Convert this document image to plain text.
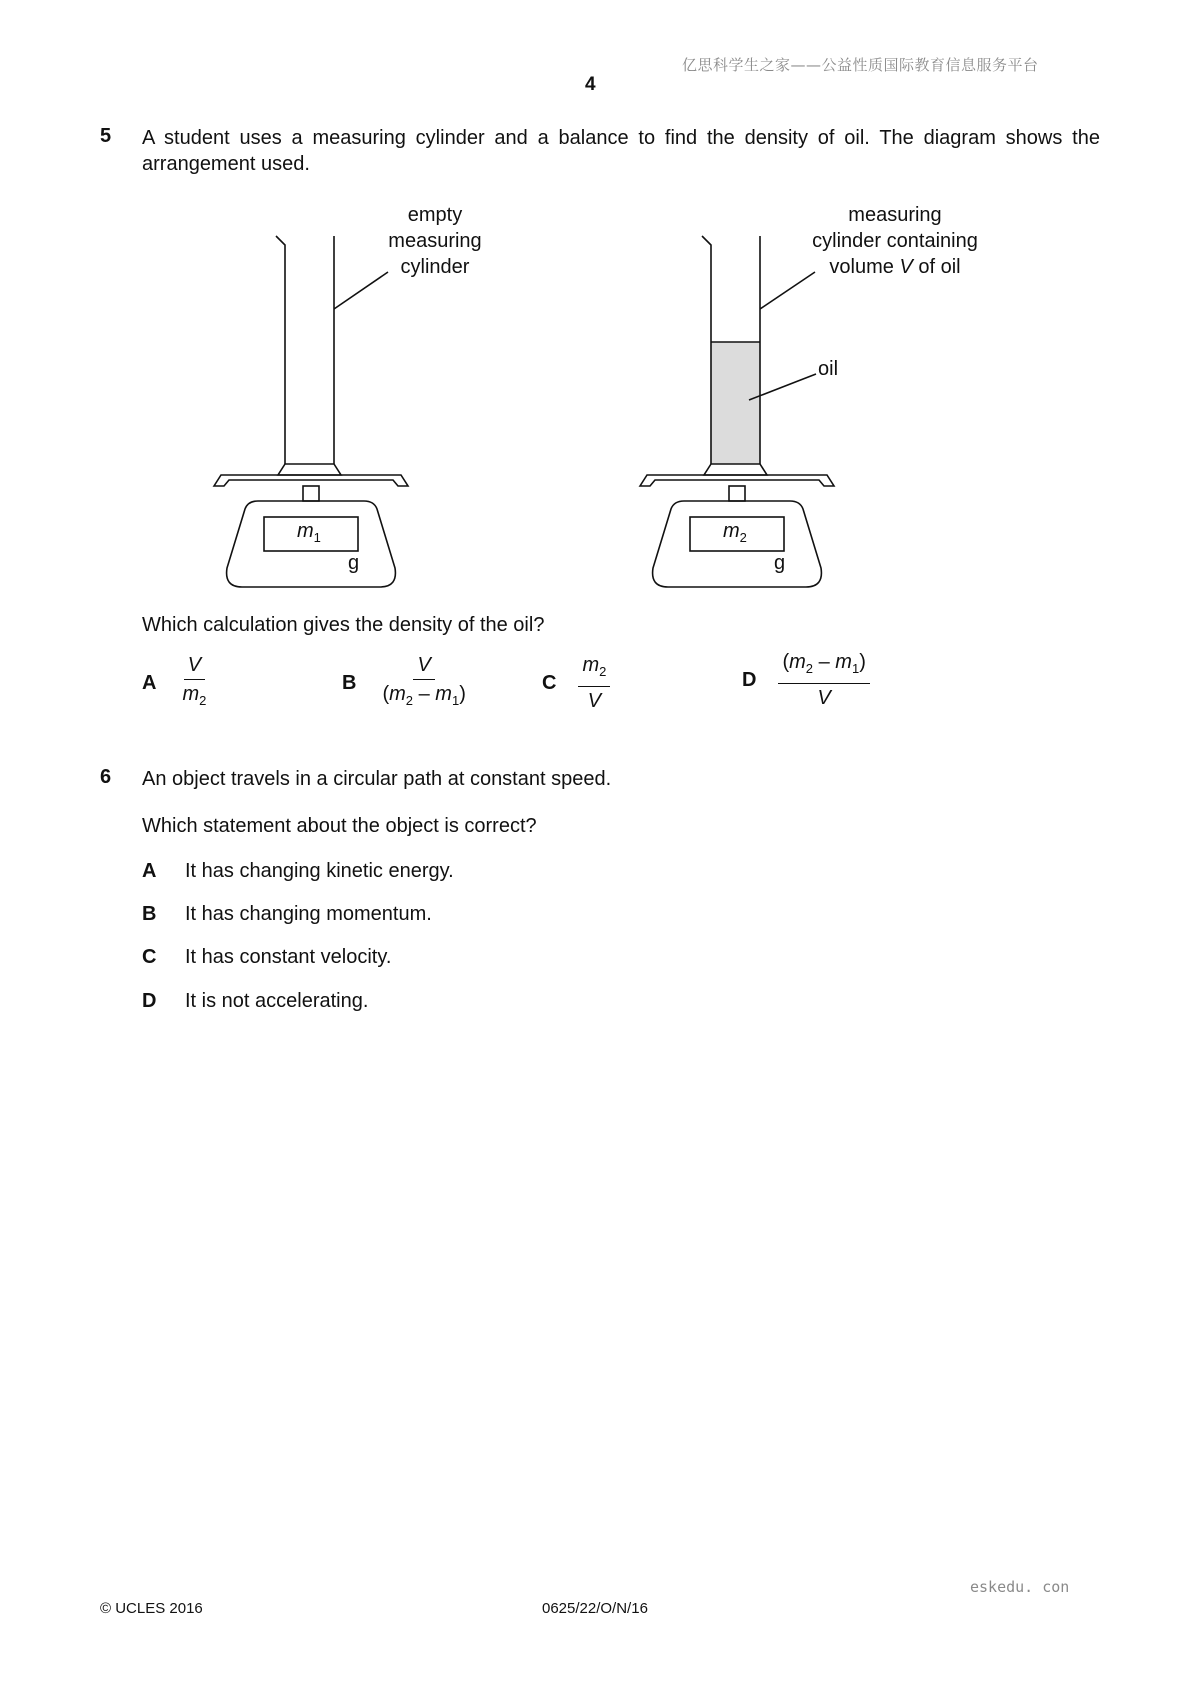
亿思科学生之家——公益性质国际教育信息服务平台
4
5 A student uses a measuring cylinder and a balance to find the density of oil. The diagram shows the arrangement used.
empty
measuring
cylinder
measuring
cylinder containing
volume V of oil
oil
$m_1$
g
$m_2$
g
Which calculation gives the density of the oil?
A $\frac{V}{m_2}$	B $\frac{V}{(m_2 - m_1)}$	C $\frac{m_2}{V}$	D $\frac{(m_2 - m_1)}{V}$
6 An object travels in a circular path at constant speed.
Which statement about the object is correct?
A It has changing kinetic energy.
B It has changing momentum.
C It has constant velocity.
D It is not accelerating.
eskedu. con
© UCLES 2016	0625/22/O/N/16
